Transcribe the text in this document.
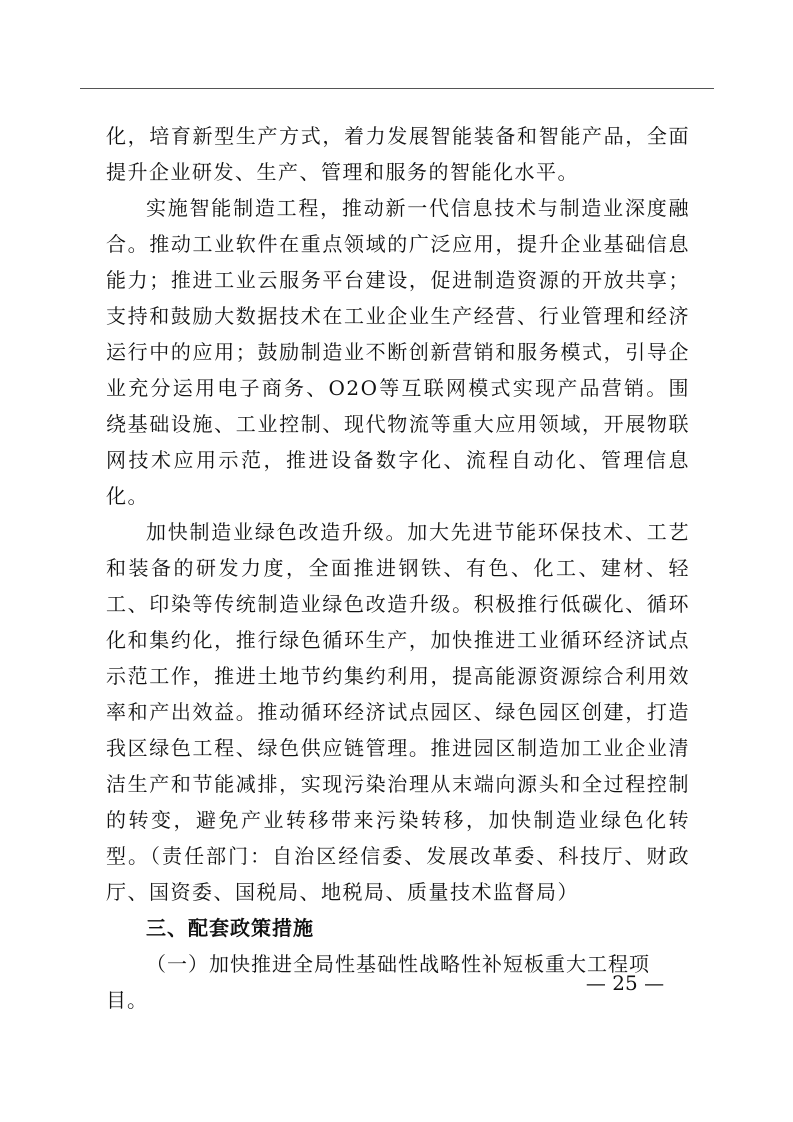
化，培育新型生产方式，着力发展智能装备和智能产品，全面提升企业研发、生产、管理和服务的智能化水平。

实施智能制造工程，推动新一代信息技术与制造业深度融合。推动工业软件在重点领域的广泛应用，提升企业基础信息能力；推进工业云服务平台建设，促进制造资源的开放共享；支持和鼓励大数据技术在工业企业生产经营、行业管理和经济运行中的应用；鼓励制造业不断创新营销和服务模式，引导企业充分运用电子商务、O2O等互联网模式实现产品营销。围绕基础设施、工业控制、现代物流等重大应用领域，开展物联网技术应用示范，推进设备数字化、流程自动化、管理信息化。

加快制造业绿色改造升级。加大先进节能环保技术、工艺和装备的研发力度，全面推进钢铁、有色、化工、建材、轻工、印染等传统制造业绿色改造升级。积极推行低碳化、循环化和集约化，推行绿色循环生产，加快推进工业循环经济试点示范工作，推进土地节约集约利用，提高能源资源综合利用效率和产出效益。推动循环经济试点园区、绿色园区创建，打造我区绿色工程、绿色供应链管理。推进园区制造加工业企业清洁生产和节能减排，实现污染治理从末端向源头和全过程控制的转变，避免产业转移带来污染转移，加快制造业绿色化转型。（责任部门：自治区经信委、发展改革委、科技厅、财政厅、国资委、国税局、地税局、质量技术监督局）

三、配套政策措施

（一）加快推进全局性基础性战略性补短板重大工程项目。

— 25 —
